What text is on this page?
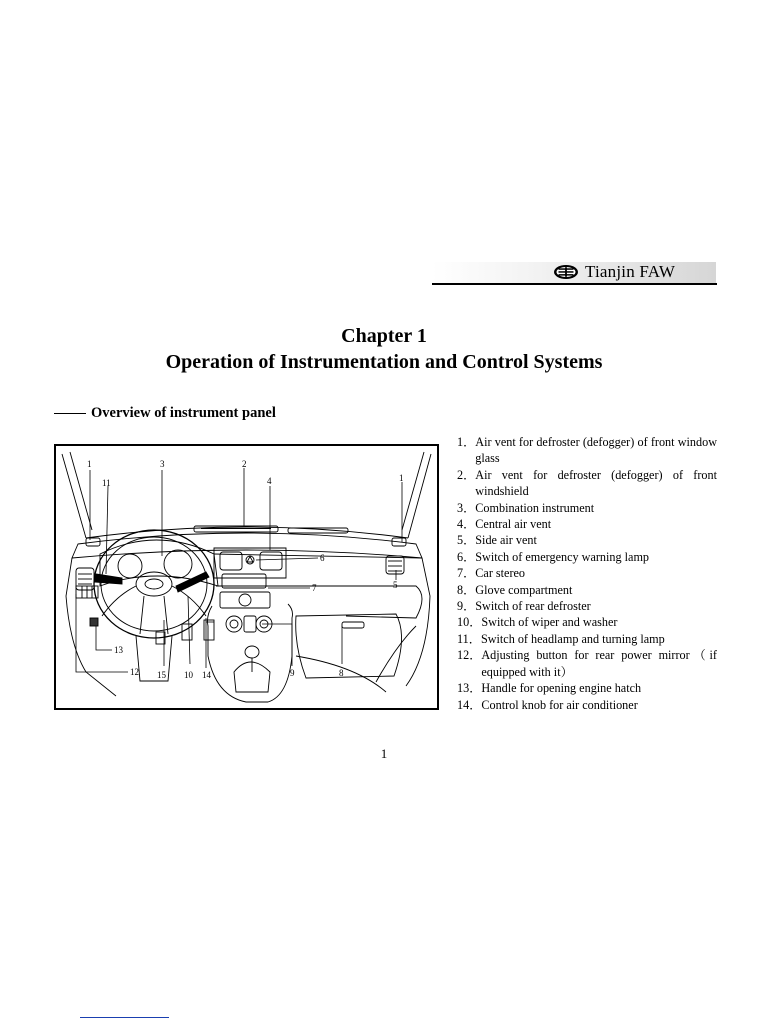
Tianjin FAW
Chapter 1
Operation of Instrumentation and Control Systems
Overview of instrument panel
1
11
3	2
4	1
6
7	5
13
12 15 10 14	9	8
1． Air vent for defroster (defogger) of front window glass
2． Air vent for defroster (defogger) of front windshield
3． Combination instrument
4． Central air vent
5． Side air vent
6． Switch of emergency warning lamp
7． Car stereo
8． Glove compartment
9． Switch of rear defroster
10． Switch of wiper and washer
11． Switch of headlamp and turning lamp
12． Adjusting button for rear power mirror（if equipped with it）
13． Handle for opening engine hatch
14． Control knob for air conditioner
1
